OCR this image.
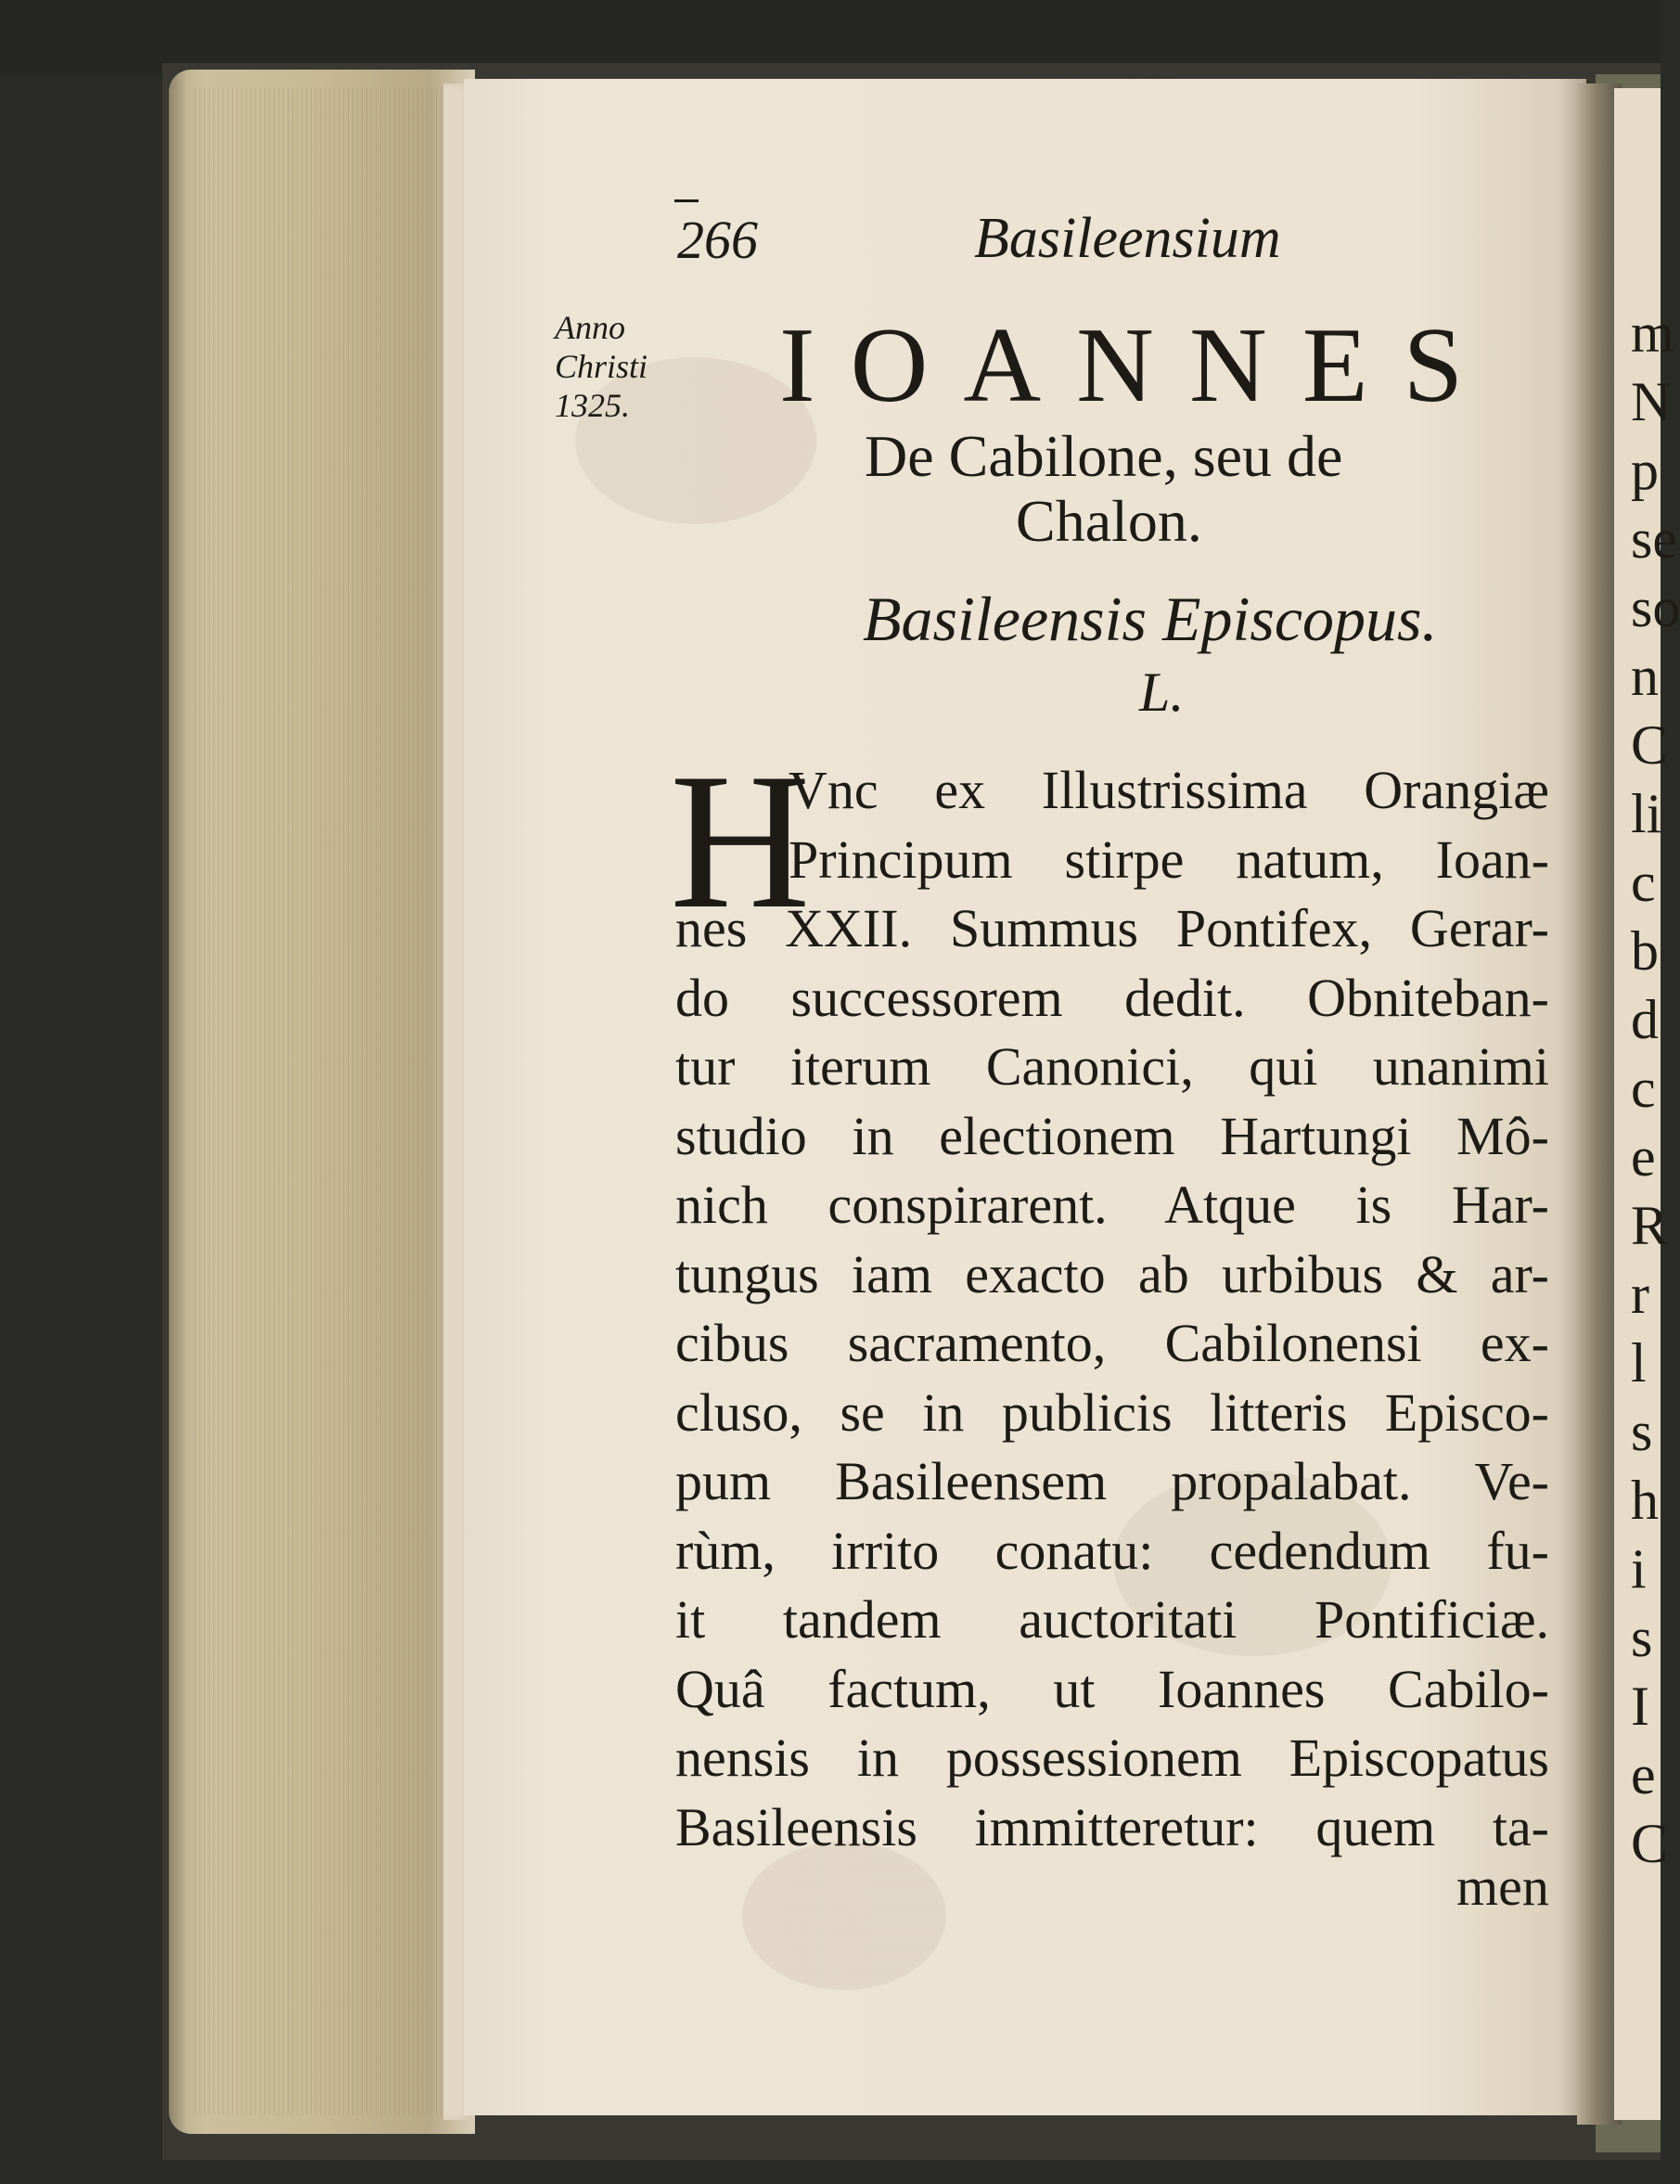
m
N
p
se
so
n
C
li
c
b
d
c
e
R
r
l
s
h
i
s
I
e
C
266	Basileensium
Anno
Christi
1325. IOANNES
De Cabilone, seu de
Chalon.
Basileensis Episcopus.
L.
H
Vnc ex Illustrissima Orangiæ
Principum stirpe natum, Ioan-
nes XXII. Summus Pontifex, Gerar-
do successorem dedit. Obniteban-
tur iterum Canonici, qui unanimi
studio in electionem Hartungi Mô-
nich conspirarent. Atque is Har-
tungus iam exacto ab urbibus & ar-
cibus sacramento, Cabilonensi ex-
cluso, se in publicis litteris Episco-
pum Basileensem propalabat. Ve-
rùm, irrito conatu: cedendum fu-
it tandem auctoritati Pontificiæ.
Quâ factum, ut Ioannes Cabilo-
nensis in possessionem Episcopatus
Basileensis immitteretur: quem ta-
men
